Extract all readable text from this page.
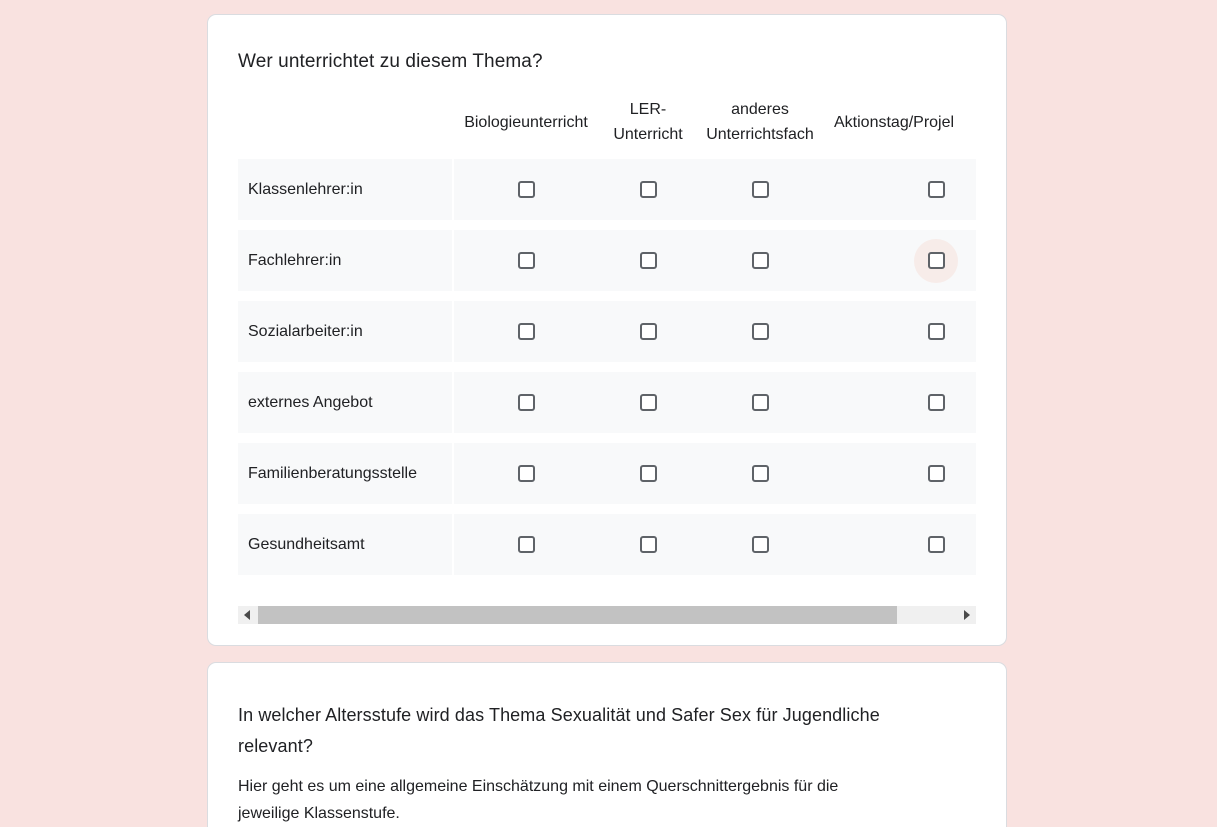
Wer unterrichtet zu diesem Thema?
Biologieunterricht
LER-Unterricht
anderes Unterrichtsfach
Aktionstag/Projel
Klassenlehrer:in
Fachlehrer:in
Sozialarbeiter:in
externes Angebot
Familienberatungsstelle
Gesundheitsamt
In welcher Altersstufe wird das Thema Sexualität und Safer Sex für Jugendliche relevant?

Hier geht es um eine allgemeine Einschätzung mit einem Querschnittergebnis für die jeweilige Klassenstufe.
